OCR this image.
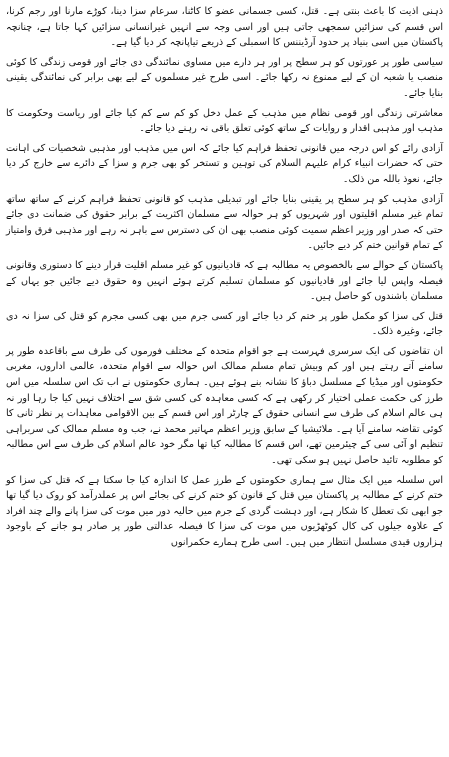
ذہنی اذیت کا باعث بنتی ہے۔ قتل، کسی جسمانی عضو کا کاٹنا، سرعام سزا دینا، کوڑے مارنا اور رجم کرنا، اس قسم کی سزائیں سمجھی جاتی ہیں اور اسی وجہ سے انہیں غیرانسانی سزائیں کہا جاتا ہے، چنانچہ پاکستان میں اسی بنیاد پر حدود آرڈیننس کا اسمبلی کے ذریعے تیاپانچہ کر دیا گیا ہے۔

سیاسی طور پر عورتوں کو ہر سطح پر اور ہر دارے میں مساوی نمائندگی دی جائے اور قومی زندگی کا کوئی منصب یا شعبہ ان کے لیے ممنوع نہ رکھا جائے۔ اسی طرح غیر مسلموں کے لیے بھی برابر کی نمائندگی یقینی بنایا جائے۔

معاشرتی زندگی اور قومی نظام میں مذہب کے عمل دخل کو کم سے کم کیا جائے اور ریاست وحکومت کا مذہب اور مذہبی اقدار و روایات کے ساتھ کوئی تعلق باقی نہ رہنے دیا جائے۔

آزادی رائے کو اس درجہ میں قانونی تحفظ فراہم کیا جائے کہ اس میں مذہب اور مذہبی شخصیات کی اہانت حتی کہ حضرات انبیاء کرام علیہم السلام کی توہین و تستخر کو بھی جرم و سزا کے دائرے سے خارج کر دیا جائے، نعوذ باللہ من ذلک۔

آزادی مذہب کو ہر سطح پر یقینی بنایا جائے اور تبدیلی مذہب کو قانونی تحفظ فراہم کرنے کے ساتھ ساتھ تمام غیر مسلم اقلیتوں اور شہریوں کو ہر حوالہ سے مسلمان اکثریت کے برابر حقوق کی ضمانت دی جائے حتی کہ صدر اور وزیر اعظم سمیت کوئی منصب بھی ان کی دسترس سے باہر نہ رہے اور مذہبی فرق وامتیاز کے تمام قوانین ختم کر دیے جائیں۔

پاکستان کے حوالے سے بالخصوص یہ مطالبہ ہے کہ قادیانیوں کو غیر مسلم اقلیت قرار دینے کا دستوری وقانونی فیصلہ واپس لیا جائے اور قادیانیوں کو مسلمان تسلیم کرتے ہوئے انہیں وہ حقوق دیے جائیں جو یہاں کے مسلمان باشندوں کو حاصل ہیں۔

قتل کی سزا کو مکمل طور پر ختم کر دیا جائے اور کسی جرم میں بھی کسی مجرم کو قتل کی سزا نہ دی جائے، وغیرہ ذلک۔

ان تقاضوں کی ایک سرسری فہرست ہے جو اقوام متحدہ کے مختلف فورموں کی طرف سے باقاعدہ طور پر سامنے آتے رہتے ہیں اور کم وبیش تمام مسلم ممالک اس حوالہ سے اقوام متحدہ، عالمی اداروں، مغربی حکومتوں اور میڈیا کے مسلسل دباؤ کا نشانہ بنے ہوئے ہیں۔ ہماری حکومتوں نے اب تک اس سلسلہ میں اس طرز کی حکمت عملی اختیار کر رکھی ہے کہ کسی معاہدہ کی کسی شق سے اختلاف نہیں کیا جا رہا اور نہ ہی عالم اسلام کی طرف سے انسانی حقوق کے چارٹر اور اس قسم کے بین الاقوامی معاہدات پر نظر ثانی کا کوئی تقاضہ سامنے آیا ہے۔ ملائیشیا کے سابق وزیر اعظم مہاتیر محمد نے، جب وہ مسلم ممالک کی سربراہی تنظیم او آئی سی کے چیئرمین تھے، اس قسم کا مطالبہ کیا تھا مگر خود عالم اسلام کی طرف سے اس مطالبہ کو مطلوبہ تائید حاصل نہیں ہو سکی تھی۔

اس سلسلہ میں ایک مثال سے ہماری حکومتوں کے طرز عمل کا اندازہ کیا جا سکتا ہے کہ قتل کی سزا کو ختم کرنے کے مطالبہ پر پاکستان میں قتل کے قانون کو ختم کرنے کی بجائے اس پر عملدرآمد کو روک دیا گیا تھا جو ابھی تک تعطل کا شکار ہے، اور دہشت گردی کے جرم میں حالیہ دور میں موت کی سزا پانے والے چند افراد کے علاوہ جیلوں کی کال کوٹھڑیوں میں موت کی سزا کا فیصلہ عدالتی طور پر صادر ہو جانے کے باوجود ہزاروں قیدی مسلسل انتظار میں ہیں۔ اسی طرح ہمارے حکمرانوں
